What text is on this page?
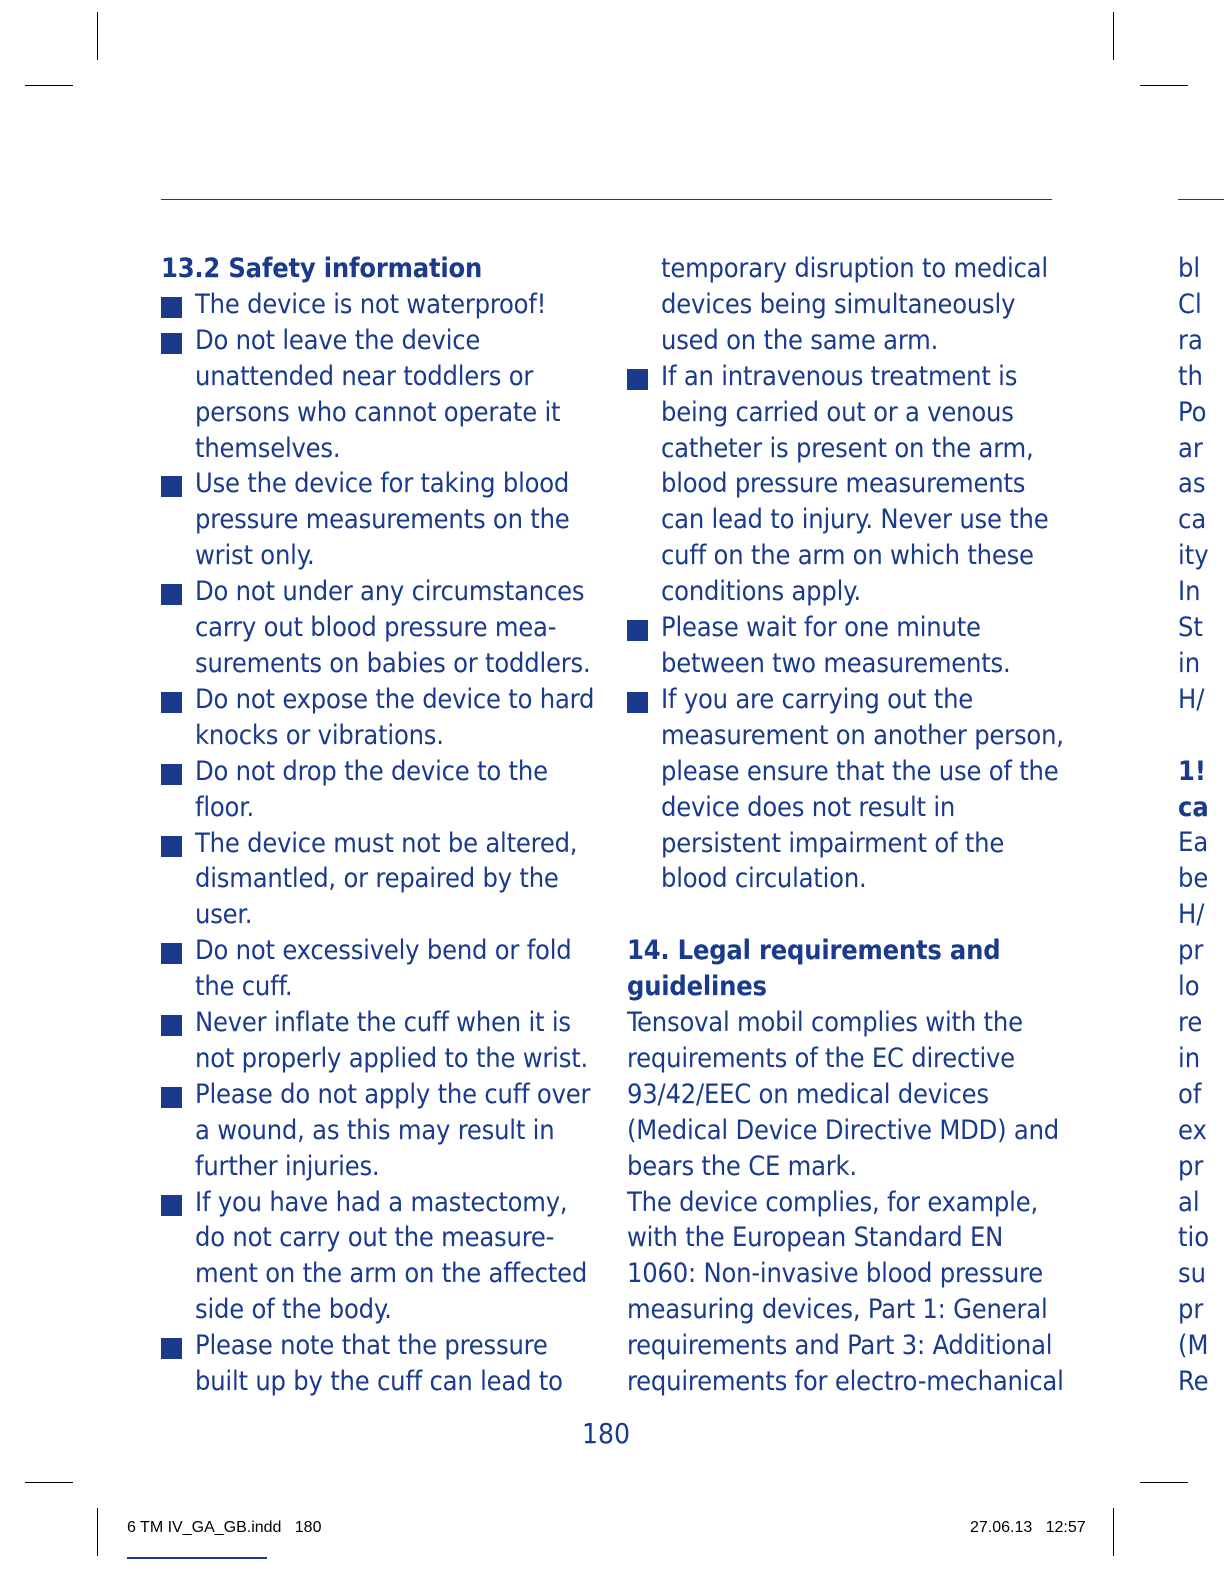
13.2 Safety information
The device is not waterproof!
Do not leave the device unattended near toddlers or persons who cannot operate it themselves.
Use the device for taking blood pressure measurements on the wrist only.
Do not under any circumstances carry out blood pressure mea- surements on babies or toddlers.
Do not expose the device to hard knocks or vibrations.
Do not drop the device to the floor.
The device must not be altered, dismantled, or repaired by the user.
Do not excessively bend or fold the cuff.
Never inflate the cuff when it is not properly applied to the wrist.
Please do not apply the cuff over a wound, as this may result in further injuries.
If you have had a mastectomy, do not carry out the measure- ment on the arm on the affected side of the body.
Please note that the pressure built up by the cuff can lead to
temporary disruption to medical devices being simultaneously used on the same arm.
If an intravenous treatment is being carried out or a venous catheter is present on the arm, blood pressure measurements can lead to injury. Never use the cuff on the arm on which these conditions apply.
Please wait for one minute between two measurements.
If you are carrying out the measurement on another person, please ensure that the use of the device does not result in persistent impairment of the blood circulation.
14. Legal requirements and guidelines

Tensoval mobil complies with the requirements of the EC directive 93/42/EEC on medical devices (Medical Device Directive MDD) and bears the CE mark.

The device complies, for example, with the European Standard EN 1060: Non-invasive blood pressure measuring devices, Part 1: General requirements and Part 3: Additional requirements for electro-mechanical

bl
Cl
ra
th
Po
ar
as
ca
ity
In
St
in
H/
1!
ca
Ea
be
H/
pr
lo
re
in
of
ex
pr
al
tio
su
pr
(M
Re
180
6 TM IV_GA_GB.indd   180	27.06.13   12:57
